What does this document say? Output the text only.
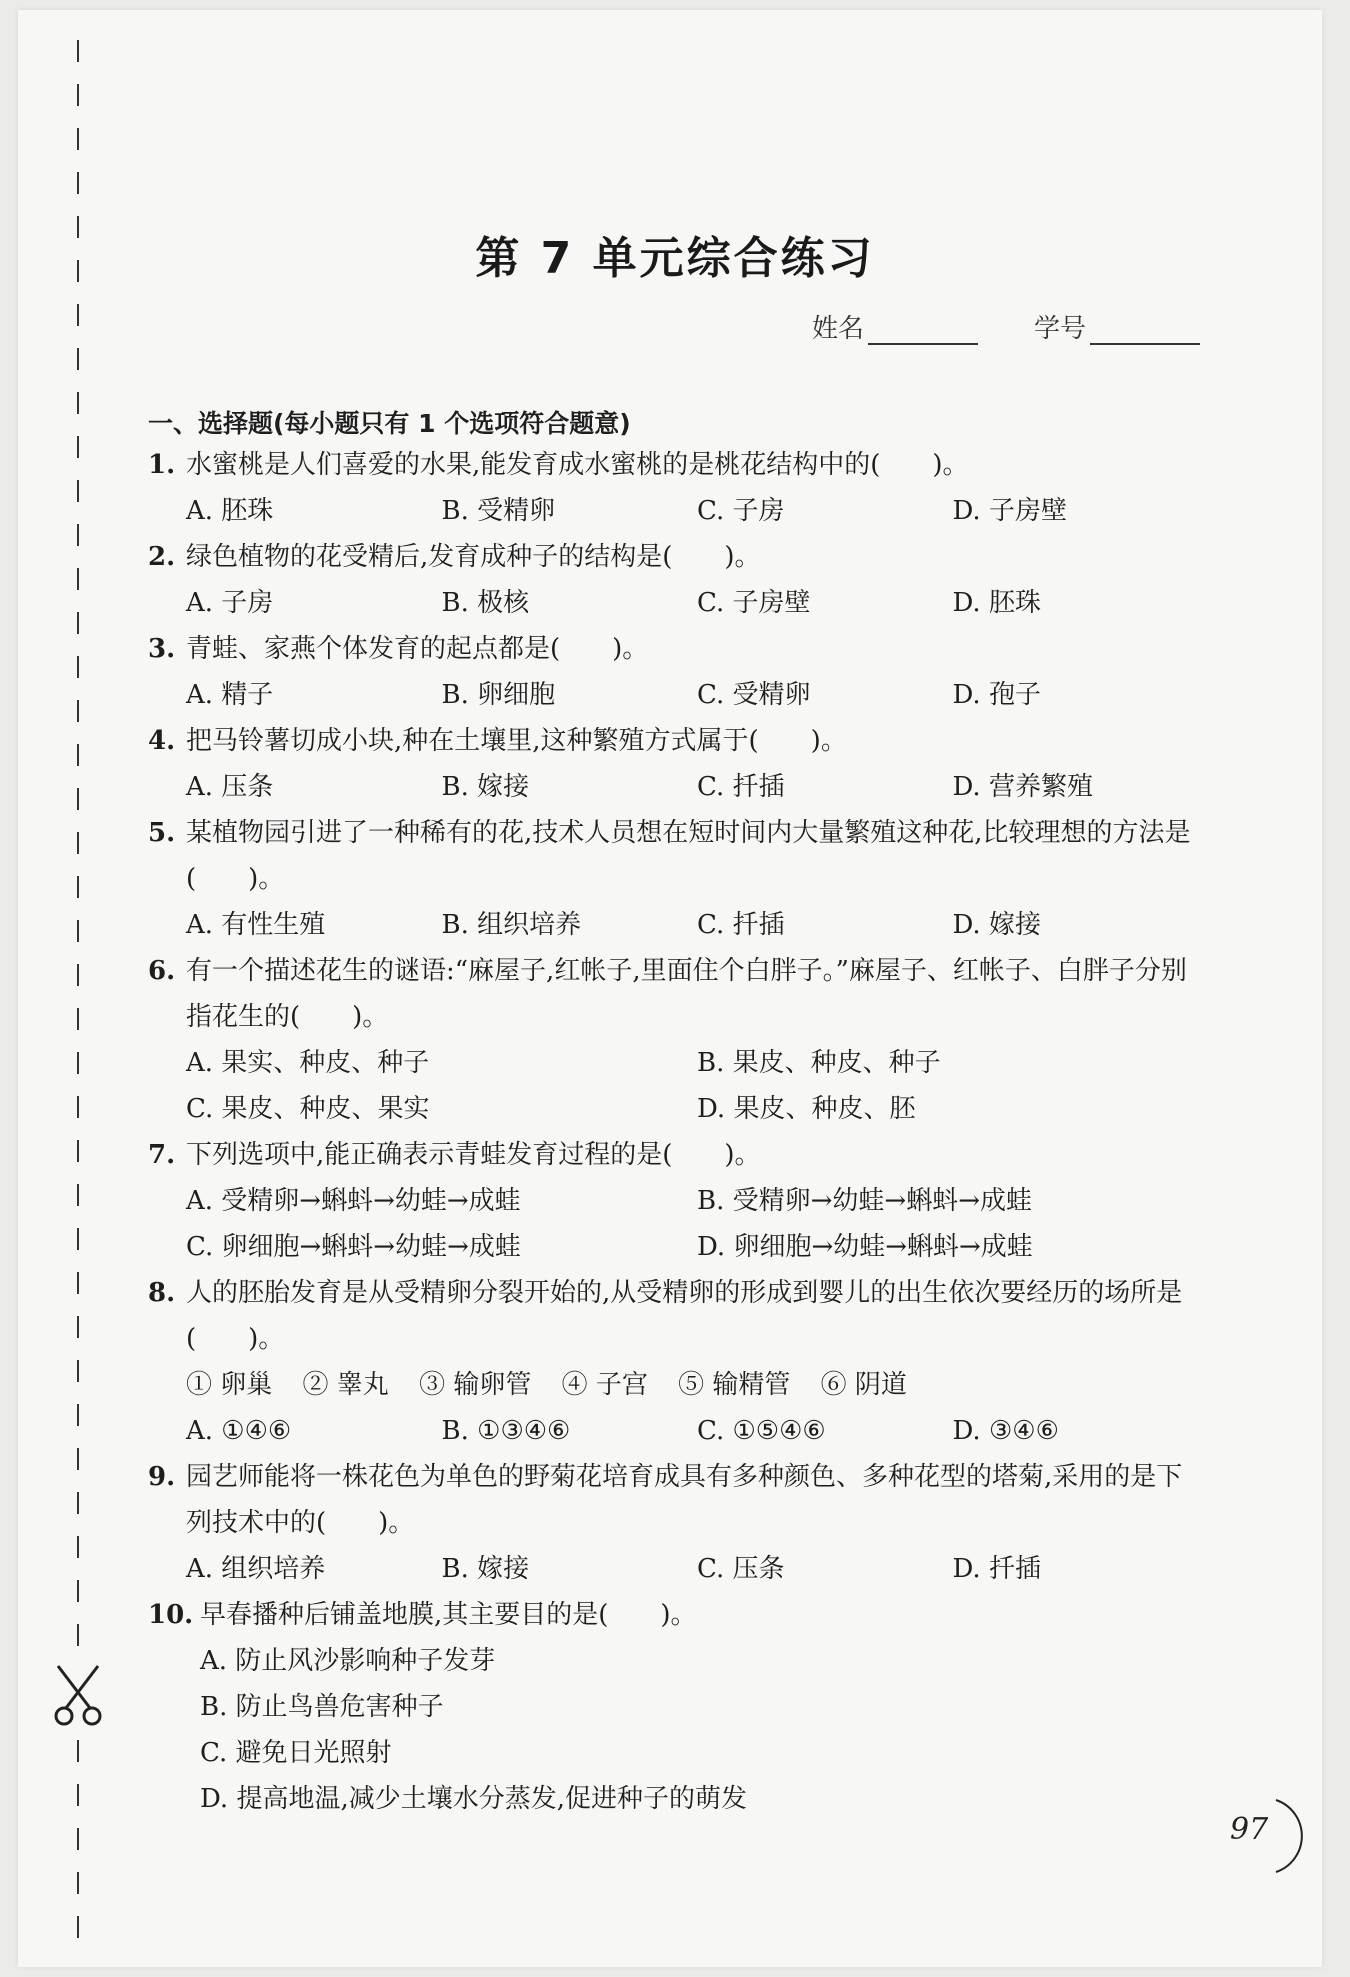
第 7 单元综合练习
姓名	学号
一、选择题(每小题只有 1 个选项符合题意)
1. 水蜜桃是人们喜爱的水果,能发育成水蜜桃的是桃花结构中的(　　)。
A. 胚珠	B. 受精卵	C. 子房	D. 子房壁
2. 绿色植物的花受精后,发育成种子的结构是(　　)。
A. 子房	B. 极核	C. 子房壁	D. 胚珠
3. 青蛙、家燕个体发育的起点都是(　　)。
A. 精子	B. 卵细胞	C. 受精卵	D. 孢子
4. 把马铃薯切成小块,种在土壤里,这种繁殖方式属于(　　)。
A. 压条	B. 嫁接	C. 扦插	D. 营养繁殖
5. 某植物园引进了一种稀有的花,技术人员想在短时间内大量繁殖这种花,比较理想的方法是(　　)。
A. 有性生殖	B. 组织培养	C. 扦插	D. 嫁接
6. 有一个描述花生的谜语:“麻屋子,红帐子,里面住个白胖子。”麻屋子、红帐子、白胖子分别指花生的(　　)。
A. 果实、种皮、种子	B. 果皮、种皮、种子
C. 果皮、种皮、果实	D. 果皮、种皮、胚
7. 下列选项中,能正确表示青蛙发育过程的是(　　)。
A. 受精卵→蝌蚪→幼蛙→成蛙	B. 受精卵→幼蛙→蝌蚪→成蛙
C. 卵细胞→蝌蚪→幼蛙→成蛙	D. 卵细胞→幼蛙→蝌蚪→成蛙
8. 人的胚胎发育是从受精卵分裂开始的,从受精卵的形成到婴儿的出生依次要经历的场所是(　　)。
① 卵巢 ② 睾丸 ③ 输卵管 ④ 子宫 ⑤ 输精管 ⑥ 阴道
A. ①④⑥	B. ①③④⑥	C. ①⑤④⑥	D. ③④⑥
9. 园艺师能将一株花色为单色的野菊花培育成具有多种颜色、多种花型的塔菊,采用的是下列技术中的(　　)。
A. 组织培养	B. 嫁接	C. 压条	D. 扦插
10. 早春播种后铺盖地膜,其主要目的是(　　)。
A. 防止风沙影响种子发芽
B. 防止鸟兽危害种子
C. 避免日光照射
D. 提高地温,减少土壤水分蒸发,促进种子的萌发
97
